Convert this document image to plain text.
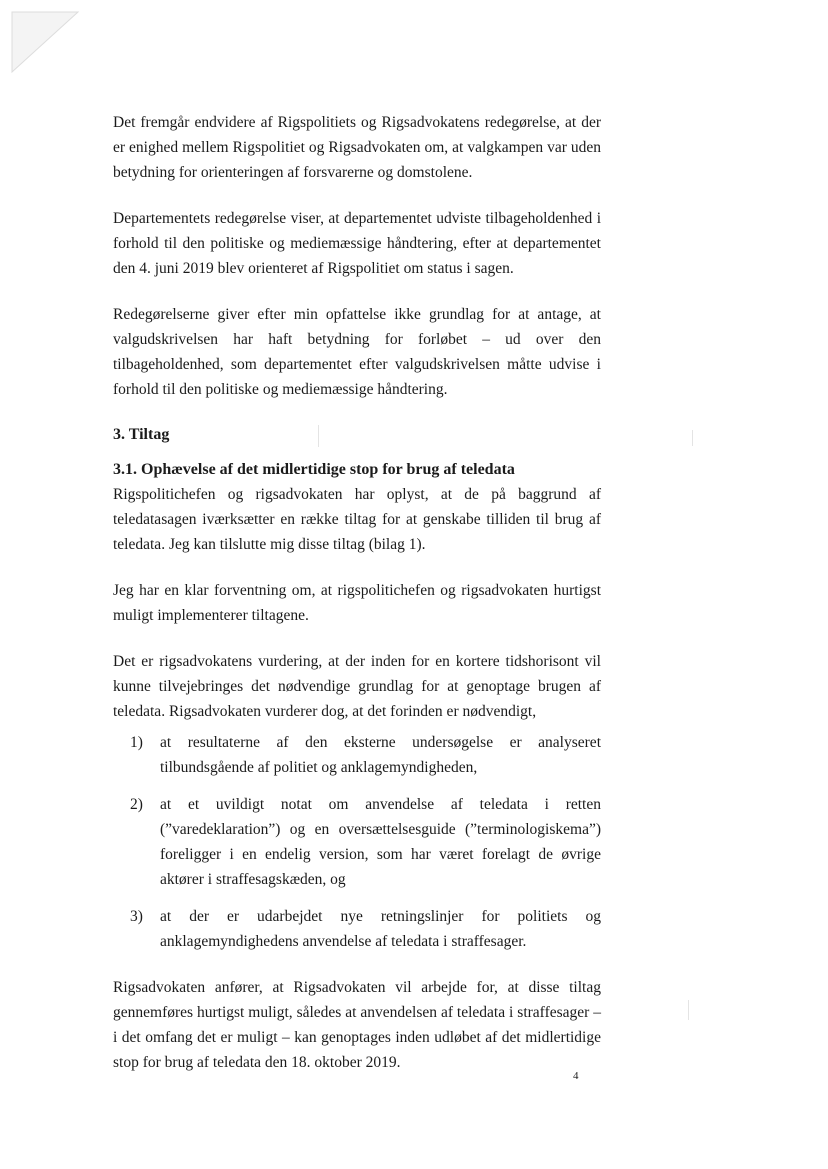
Det fremgår endvidere af Rigspolitiets og Rigsadvokatens redegørelse, at der er enighed mellem Rigspolitiet og Rigsadvokaten om, at valgkampen var uden betydning for orienteringen af forsvarerne og domstolene.

Departementets redegørelse viser, at departementet udviste tilbageholdenhed i forhold til den politiske og mediemæssige håndtering, efter at departementet den 4. juni 2019 blev orienteret af Rigspolitiet om status i sagen.

Redegørelserne giver efter min opfattelse ikke grundlag for at antage, at valgudskrivelsen har haft betydning for forløbet – ud over den tilbageholdenhed, som departementet efter valgudskrivelsen måtte udvise i forhold til den politiske og mediemæssige håndtering.

3. Tiltag
3.1. Ophævelse af det midlertidige stop for brug af teledata

Rigspolitichefen og rigsadvokaten har oplyst, at de på baggrund af teledatasagen iværksætter en række tiltag for at genskabe tilliden til brug af teledata. Jeg kan tilslutte mig disse tiltag (bilag 1).

Jeg har en klar forventning om, at rigspolitichefen og rigsadvokaten hurtigst muligt implementerer tiltagene.

Det er rigsadvokatens vurdering, at der inden for en kortere tidshorisont vil kunne tilvejebringes det nødvendige grundlag for at genoptage brugen af teledata. Rigsadvokaten vurderer dog, at det forinden er nødvendigt,

1)	at resultaterne af den eksterne undersøgelse er analyseret tilbundsgående af politiet og anklagemyndigheden,
2)	at et uvildigt notat om anvendelse af teledata i retten (”varedeklaration”) og en oversættelsesguide (”terminologiskema”) foreligger i en endelig version, som har været forelagt de øvrige aktører i straffesagskæden, og
3)	at der er udarbejdet nye retningslinjer for politiets og anklagemyndighedens anvendelse af teledata i straffesager.

Rigsadvokaten anfører, at Rigsadvokaten vil arbejde for, at disse tiltag gennemføres hurtigst muligt, således at anvendelsen af teledata i straffesager – i det omfang det er muligt – kan genoptages inden udløbet af det midlertidige stop for brug af teledata den 18. oktober 2019.

4
